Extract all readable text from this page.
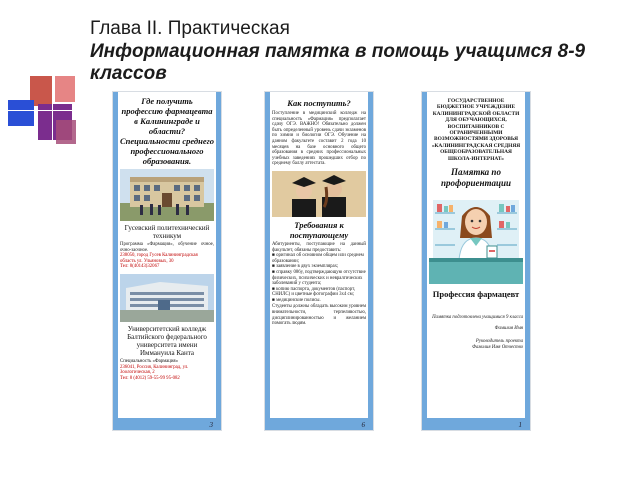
Глава II. Практическая
Информационная памятка в помощь учащимся 8-9 классов
Где получить профессию фармацевта в Калининграде и области? Специальности среднего профессионального образования.
Гусевский политехнический техникум
Программа «Фармация», обучение очное, очно-заочное.
238050, город Гусев Калининградская область ул. Ульяновых, 30
Тел: 8(40143)32067
Университетский колледж Балтийского федерального университета имени Иммануила Канта
Специальность «Фармация»
236041, Россия, Калининград, ул. Зоологическая, 2
Тел: 8 (4012) 59-55-99 95-082
3
Как поступить?
Поступление в медицинский колледж на специальность «Фармация» предполагает сдачу ОГЭ. ВАЖНО! Обязательно должен быть определенный уровень сдачи экзаменов по химии и биологии ОГЭ. Обучение на данном факультете составит 2 года 10 месяцев на базе основного общего образования в средних профессиональных учебных заведениях прошедших отбор по среднему баллу аттестата.
Требования к поступающему
Абитуриенты, поступающие на данный факультет, обязаны предоставить:
■ оригинал об основном общем или среднем образовании;
■ заявление в двух экземплярах;
■ справку 086у, подтверждающую отсутствие физических, психических и невралгических заболеваний у студента;
■ копию паспорта, документов (паспорт, СНИЛС) и цветные фотографии 3х4 см;
■ медицинские полисы.
Студенты должны обладать высоким уровнем внимательности, терпеливостью, дисциплинированностью и желанием помогать людям.
6
ГОСУДАРСТВЕННОЕ БЮДЖЕТНОЕ УЧРЕЖДЕНИЕ КАЛИНИНГРАДСКОЙ ОБЛАСТИ ДЛЯ ОБУЧАЮЩИХСЯ, ВОСПИТАННИКОВ С ОГРАНИЧЕННЫМИ ВОЗМОЖНОСТЯМИ ЗДОРОВЬЯ «КАЛИНИНГРАДСКАЯ СРЕДНЯЯ ОБЩЕОБРАЗОВАТЕЛЬНАЯ ШКОЛА-ИНТЕРНАТ»
Памятка по профориентации
Профессия фармацевт
Памятка подготовлена учащимися 9 класса
Фамилия Имя
Руководитель проекта
Фамилия Имя Отчество
1
